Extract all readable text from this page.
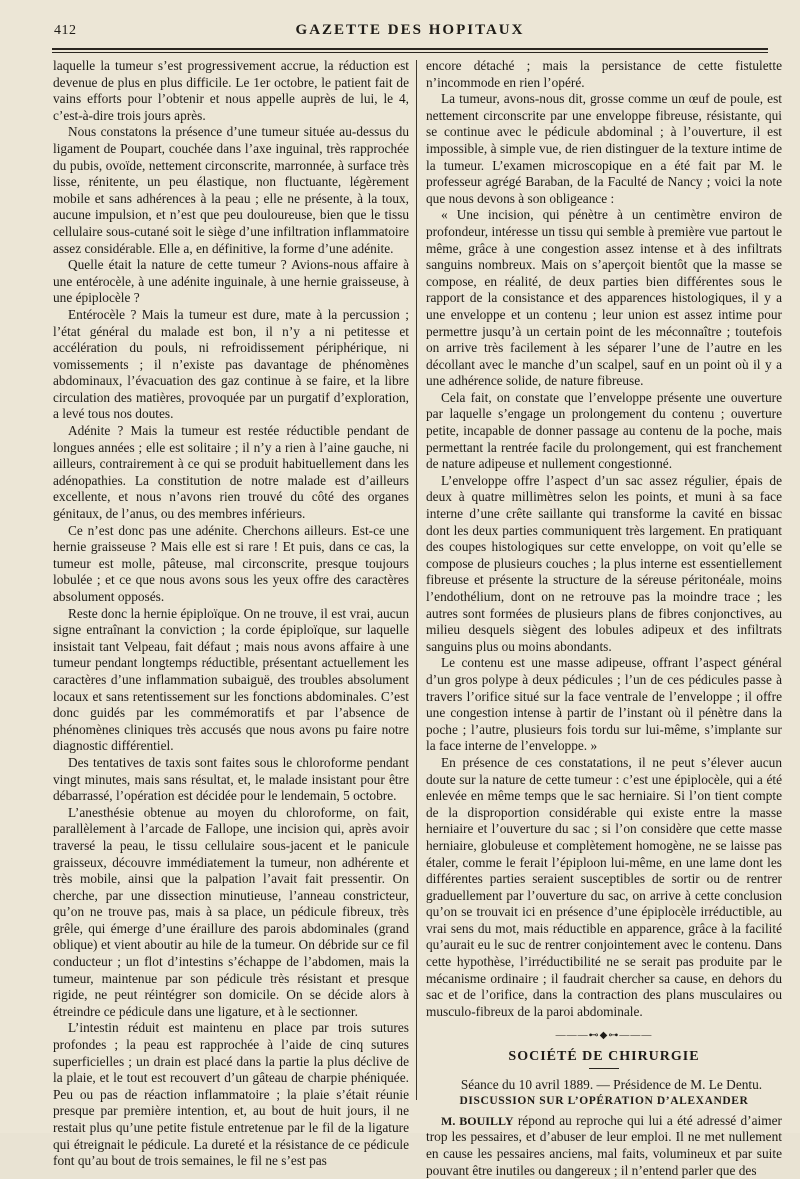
412	GAZETTE DES HOPITAUX

laquelle la tumeur s’est progressivement accrue, la réduction est devenue de plus en plus difficile. Le 1er octobre, le patient fait de vains efforts pour l’obtenir et nous appelle auprès de lui, le 4, c’est-à-dire trois jours après.

Nous constatons la présence d’une tumeur située au-dessus du ligament de Poupart, couchée dans l’axe inguinal, très rapprochée du pubis, ovoïde, nettement circonscrite, marronnée, à surface très lisse, rénitente, un peu élastique, non fluctuante, légèrement mobile et sans adhérences à la peau ; elle ne présente, à la toux, aucune impulsion, et n’est que peu douloureuse, bien que le tissu cellulaire sous-cutané soit le siège d’une infiltration inflammatoire assez considérable. Elle a, en définitive, la forme d’une adénite.

Quelle était la nature de cette tumeur ? Avions-nous affaire à une entérocèle, à une adénite inguinale, à une hernie graisseuse, à une épiplocèle ?

Entérocèle ? Mais la tumeur est dure, mate à la percussion ; l’état général du malade est bon, il n’y a ni petitesse et accélération du pouls, ni refroidissement périphérique, ni vomissements ; il n’existe pas davantage de phénomènes abdominaux, l’évacuation des gaz continue à se faire, et la libre circulation des matières, provoquée par un purgatif d’exploration, a levé tous nos doutes.

Adénite ? Mais la tumeur est restée réductible pendant de longues années ; elle est solitaire ; il n’y a rien à l’aine gauche, ni ailleurs, contrairement à ce qui se produit habituellement dans les adénopathies. La constitution de notre malade est d’ailleurs excellente, et nous n’avons rien trouvé du côté des organes génitaux, de l’anus, ou des membres inférieurs.

Ce n’est donc pas une adénite. Cherchons ailleurs. Est-ce une hernie graisseuse ? Mais elle est si rare ! Et puis, dans ce cas, la tumeur est molle, pâteuse, mal circonscrite, presque toujours lobulée ; et ce que nous avons sous les yeux offre des caractères absolument opposés.

Reste donc la hernie épiploïque. On ne trouve, il est vrai, aucun signe entraînant la conviction ; la corde épiploïque, sur laquelle insistait tant Velpeau, fait défaut ; mais nous avons affaire à une tumeur pendant longtemps réductible, présentant actuellement les caractères d’une inflammation subaiguë, des troubles absolument locaux et sans retentissement sur les fonctions abdominales. C’est donc guidés par les commémoratifs et par l’absence de phénomènes cliniques très accusés que nous avons pu faire notre diagnostic différentiel.

Des tentatives de taxis sont faites sous le chloroforme pendant vingt minutes, mais sans résultat, et, le malade insistant pour être débarrassé, l’opération est décidée pour le lendemain, 5 octobre.

L’anesthésie obtenue au moyen du chloroforme, on fait, parallèlement à l’arcade de Fallope, une incision qui, après avoir traversé la peau, le tissu cellulaire sous-jacent et le panicule graisseux, découvre immédiatement la tumeur, non adhérente et très mobile, ainsi que la palpation l’avait fait pressentir. On cherche, par une dissection minutieuse, l’anneau constricteur, qu’on ne trouve pas, mais à sa place, un pédicule fibreux, très grêle, qui émerge d’une éraillure des parois abdominales (grand oblique) et vient aboutir au hile de la tumeur. On débride sur ce fil conducteur ; un flot d’intestins s’échappe de l’abdomen, mais la tumeur, maintenue par son pédicule très résistant et presque rigide, ne peut réintégrer son domicile. On se décide alors à étreindre ce pédicule dans une ligature, et à le sectionner.

L’intestin réduit est maintenu en place par trois sutures profondes ; la peau est rapprochée à l’aide de cinq sutures superficielles ; un drain est placé dans la partie la plus déclive de la plaie, et le tout est recouvert d’un gâteau de charpie phéniquée. Peu ou pas de réaction inflammatoire ; la plaie s’était réunie presque par première intention, et, au bout de huit jours, il ne restait plus qu’une petite fistule entretenue par le fil de la ligature qui étreignait le pédicule. La dureté et la résistance de ce pédicule font qu’au bout de trois semaines, le fil ne s’est pas

encore détaché ; mais la persistance de cette fistulette n’incommode en rien l’opéré.

La tumeur, avons-nous dit, grosse comme un œuf de poule, est nettement circonscrite par une enveloppe fibreuse, résistante, qui se continue avec le pédicule abdominal ; à l’ouverture, il est impossible, à simple vue, de rien distinguer de la texture intime de la tumeur. L’examen microscopique en a été fait par M. le professeur agrégé Baraban, de la Faculté de Nancy ; voici la note que nous devons à son obligeance :

« Une incision, qui pénètre à un centimètre environ de profondeur, intéresse un tissu qui semble à première vue partout le même, grâce à une congestion assez intense et à des infiltrats sanguins nombreux. Mais on s’aperçoit bientôt que la masse se compose, en réalité, de deux parties bien différentes sous le rapport de la consistance et des apparences histologiques, il y a une enveloppe et un contenu ; leur union est assez intime pour permettre jusqu’à un certain point de les méconnaître ; toutefois on arrive très facilement à les séparer l’une de l’autre en les décollant avec le manche d’un scalpel, sauf en un point où il y a une adhérence solide, de nature fibreuse.

Cela fait, on constate que l’enveloppe présente une ouverture par laquelle s’engage un prolongement du contenu ; ouverture petite, incapable de donner passage au contenu de la poche, mais permettant la rentrée facile du prolongement, qui est franchement de nature adipeuse et nullement congestionné.

L’enveloppe offre l’aspect d’un sac assez régulier, épais de deux à quatre millimètres selon les points, et muni à sa face interne d’une crête saillante qui transforme la cavité en bissac dont les deux parties communiquent très largement. En pratiquant des coupes histologiques sur cette enveloppe, on voit qu’elle se compose de plusieurs couches ; la plus interne est essentiellement fibreuse et présente la structure de la séreuse péritonéale, moins l’endothélium, dont on ne retrouve pas la moindre trace ; les autres sont formées de plusieurs plans de fibres conjonctives, au milieu desquels siègent des lobules adipeux et des infiltrats sanguins plus ou moins abondants.

Le contenu est une masse adipeuse, offrant l’aspect général d’un gros polype à deux pédicules ; l’un de ces pédicules passe à travers l’orifice situé sur la face ventrale de l’enveloppe ; il offre une congestion intense à partir de l’instant où il pénètre dans la poche ; l’autre, plusieurs fois tordu sur lui-même, s’implante sur la face interne de l’enveloppe. »

En présence de ces constatations, il ne peut s’élever aucun doute sur la nature de cette tumeur : c’est une épiplocèle, qui a été enlevée en même temps que le sac herniaire. Si l’on tient compte de la disproportion considérable qui existe entre la masse herniaire et l’ouverture du sac ; si l’on considère que cette masse herniaire, globuleuse et complètement homogène, ne se laisse pas étaler, comme le ferait l’épiploon lui-même, en une lame dont les différentes parties seraient susceptibles de sortir ou de rentrer graduellement par l’ouverture du sac, on arrive à cette conclusion qu’on se trouvait ici en présence d’une épiplocèle irréductible, au vrai sens du mot, mais réductible en apparence, grâce à la facilité qu’aurait eu le suc de rentrer conjointement avec le contenu. Dans cette hypothèse, l’irréductibilité ne se serait pas produite par le mécanisme ordinaire ; il faudrait chercher sa cause, en dehors du sac et de l’orifice, dans la contraction des plans musculaires ou musculo-fibreux de la paroi abdominale.

———⊷◆⊶———
SOCIÉTÉ DE CHIRURGIE

Séance du 10 avril 1889. — Présidence de M. Le Dentu.

DISCUSSION SUR L’OPÉRATION D’ALEXANDER

M. BOUILLY répond au reproche qui lui a été adressé d’aimer trop les pessaires, et d’abuser de leur emploi. Il ne met nullement en cause les pessaires anciens, mal faits, volumineux et par suite pouvant être inutiles ou dangereux ; il n’entend parler que des
